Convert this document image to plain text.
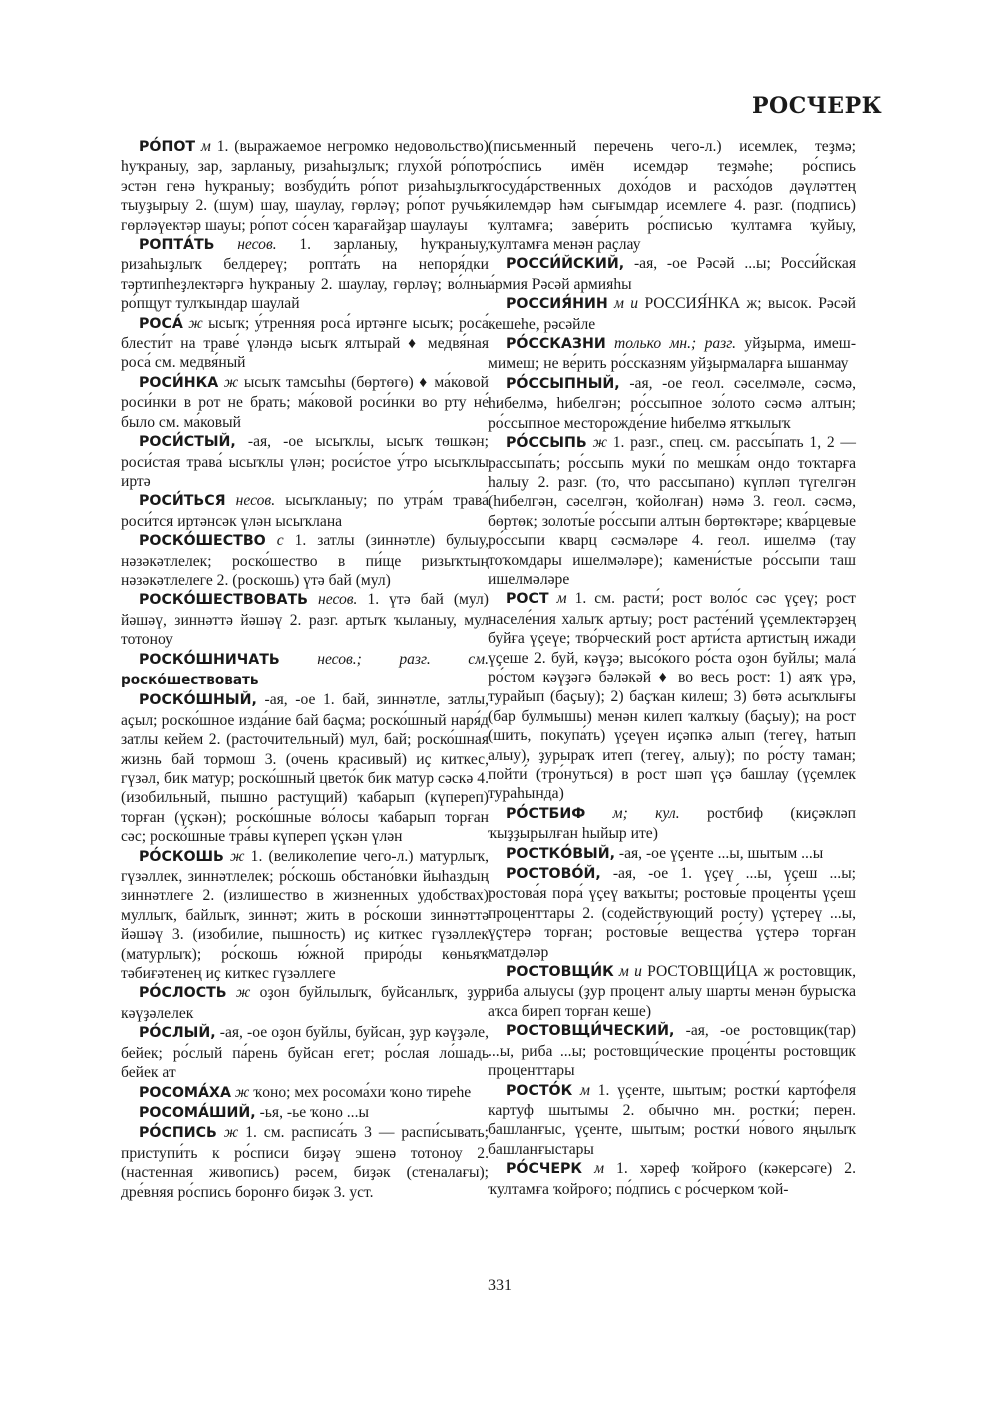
РОСЧЕРК

РО́ПОТ м 1. (выражаемое негромко недовольство) һуҡраныу, зар, зарланыу, ризаһыҙлыҡ; глухо́й ро́пот эстән генә һуҡраныу; возбуди́ть ро́пот ризаһыҙлыҡ тыуҙырыу 2. (шум) шау, шаулау, гөрләү; ро́пот ручья́ гөрләүектәр шауы; ро́пот со́сен ҡарағайҙар шаулауы

РОПТА́ТЬ несов. 1. зарланыу, һуҡраныу, ризаһыҙлыҡ белдереү; ропта́ть на непоря́дки тәртипһеҙлектәргә һуҡраныу 2. шаулау, гөрләү; во́лны ро́пщут тулҡындар шаулай

РОСА́ ж ысыҡ; у́тренняя роса́ иртәнге ысыҡ; роса́ блести́т на траве́ үләндә ысыҡ ялтырай ♦ медвя́ная роса́ см. медвя́ный

РОСИ́НКА ж ысыҡ тамсыһы (бөртөгө) ♦ ма́ковой роси́нки в рот не брать; ма́ковой роси́нки во рту не́ было см. ма́ковый

РОСИ́СТЫЙ, -ая, -ое ысыҡлы, ысыҡ төшкән; роси́стая трава́ ысыҡлы үлән; роси́стое у́тро ысыҡлы иртә

РОСИ́ТЬСЯ несов. ысыҡланыу; по утра́м трава́ роси́тся иртәнсәк үлән ысыҡлана

РОСКО́ШЕСТВО с 1. затлы (зиннәтле) булыу, нәзәкәтлелек; роско́шество в пи́ще ризыҡтың нәзәкәтлелеге 2. (роскошь) үтә бай (мул)

РОСКО́ШЕСТВОВАТЬ несов. 1. үтә бай (мул) йәшәү, зиннәттә йәшәү 2. разг. артыҡ ҡыланыу, мул тотоноу

РОСКО́ШНИЧАТЬ несов.; разг. см. роско́шествовать

РОСКО́ШНЫЙ, -ая, -ое 1. бай, зиннәтле, затлы, аҫыл; роско́шное изда́ние бай баҫма; роско́шный наря́д затлы кейем 2. (расточительный) мул, бай; роско́шная жизнь бай тормош 3. (очень красивый) иҫ киткес, гүзәл, бик матур; роско́шный цвето́к бик матур сәскә 4. (изобильный, пышно растущий) ҡабарып (күпереп) торған (үҫкән); роско́шные во́лосы ҡабарып торған сәс; роско́шные тра́вы күпереп үҫкән үлән

РО́СКОШЬ ж 1. (великолепие чего-л.) матурлыҡ, гүзәллек, зиннәтлелек; ро́скошь обстано́вки йыһаздың зиннәтлеге 2. (излишество в жизненных удобствах) муллыҡ, байлыҡ, зиннәт; жить в ро́скоши зиннәттә йәшәү 3. (изобилие, пышность) иҫ киткес гүзәллек (матурлыҡ); ро́скошь ю́жной приро́ды көньяҡ тәбиғәтенең иҫ киткес гүзәллеге

РО́СЛОСТЬ ж оҙон буйлылыҡ, буйсанлыҡ, ҙур кәүҙәлелек

РО́СЛЫЙ, -ая, -ое оҙон буйлы, буйсан, ҙур кәүҙәле, бейек; ро́слый па́рень буйсан егет; ро́слая ло́шадь бейек ат

РОСОМА́ХА ж ҡоно; мех росома́хи ҡоно тиреһе

РОСОМА́ШИЙ, -ья, -ье ҡоно ...ы

РО́СПИСЬ ж 1. см. расписа́ть 3 — распи́сывать; приступи́ть к ро́списи биҙәү эшенә тотоноу 2. (настенная живопись) рәсем, биҙәк (стеналағы); дре́вняя ро́спись боронғо биҙәк 3. уст.

(письменный перечень чего-л.) исемлек, теҙмә; ро́спись имён исемдәр теҙмәһе; ро́спись госуда́рственных дохо́дов и расхо́дов дәүләттең килемдәр һәм сығымдар исемлеге 4. разг. (подпись) ҡултамға; заве́рить ро́списью ҡултамға ҡуйыу, ҡултамға менән раҫлау

РОССИ́ЙСКИЙ, -ая, -ое Рәсәй ...ы; Росси́йская а́рмия Рәсәй армияһы

РОССИЯ́НИН м и РОССИЯ́НКА ж; высок. Рәсәй кешеһе, рәсәйле

РО́ССКАЗНИ только мн.; разг. уйҙырма, имеш-мимеш; не ве́рить ро́ссказням уйҙырмаларға ышанмау

РО́ССЫПНЫЙ, -ая, -ое геол. сәселмәле, сәсмә, һибелмә, һибелгән; ро́ссыпное зо́лото сәсмә алтын; ро́ссыпное месторожде́ние һибелмә ятҡылыҡ

РО́ССЫПЬ ж 1. разг., спец. см. рассы́пать 1, 2 — рассыпа́ть; ро́ссыпь муки́ по мешка́м ондо тоҡтарға һалыу 2. разг. (то, что рассыпано) күпләп түгелгән (һибелгән, сәселгән, ҡойолған) нәмә 3. геол. сәсмә, бөртөк; золоты́е ро́ссыпи алтын бөртөктәре; ква́рцевые ро́ссыпи кварц сәсмәләре 4. геол. ишелмә (тау тоҡомдары ишелмәләре); камени́стые ро́ссыпи таш ишелмәләре

РОСТ м 1. см. расти́; рост воло́с сәс үҫеү; рост населе́ния халыҡ артыу; рост расте́ний үҫемлектәрҙең буйға үҫеүе; тво́рческий рост арти́ста артистың ижади үҫеше 2. буй, кәүҙә; высо́кого ро́ста оҙон буйлы; мала́ ро́стом кәүҙәгә бәләкәй ♦ во весь рост: 1) аяҡ үрә, турайып (баҫыу); 2) баҫҡан килеш; 3) бөтә асыҡлығы (бар булмышы) менән килеп ҡалҡыу (баҫыу); на рост (шить, покупа́ть) үҫеүен иҫәпкә алып (тегеү, һатып алыу), ҙурыраҡ итеп (тегеү, алыу); по ро́сту таман; пойти́ (тро́нуться) в рост шәп үҫә башлау (үҫемлек тураһында)

РО́СТБИФ м; кул. ростбиф (киҫәкләп ҡыҙҙырылған һыйыр ите)

РОСТКО́ВЫЙ, -ая, -ое үҫенте ...ы, шытым ...ы

РОСТОВО́Й, -ая, -ое 1. үҫеү ...ы, үҫеш ...ы; ростова́я пора́ үҫеү ваҡыты; ростовы́е проце́нты үҫеш проценттары 2. (содействующий росту) үҫтереү ...ы, үҫтерә торған; ростовы́е вещества́ үҫтерә торған матдәләр

РОСТОВЩИ́К м и РОСТОВЩИ́ЦА ж ростовщик, риба алыусы (ҙур процент алыу шарты менән бурысҡа аҡса биреп торған кеше)

РОСТОВЩИ́ЧЕСКИЙ, -ая, -ое ростовщик(тар) ...ы, риба ...ы; ростовщи́ческие проце́нты ростовщик проценттары

РОСТО́К м 1. үҫенте, шытым; ростки́ карто́феля картуф шытымы 2. обычно мн. ростки́; перен. башланғыс, үҫенте, шытым; ростки́ но́вого яңылыҡ башланғыстары

РО́СЧЕРК м 1. хәреф ҡойроғо (кәкерсәге) 2. ҡултамға ҡойроғо; по́дпись с ро́счерком ҡой-

331
